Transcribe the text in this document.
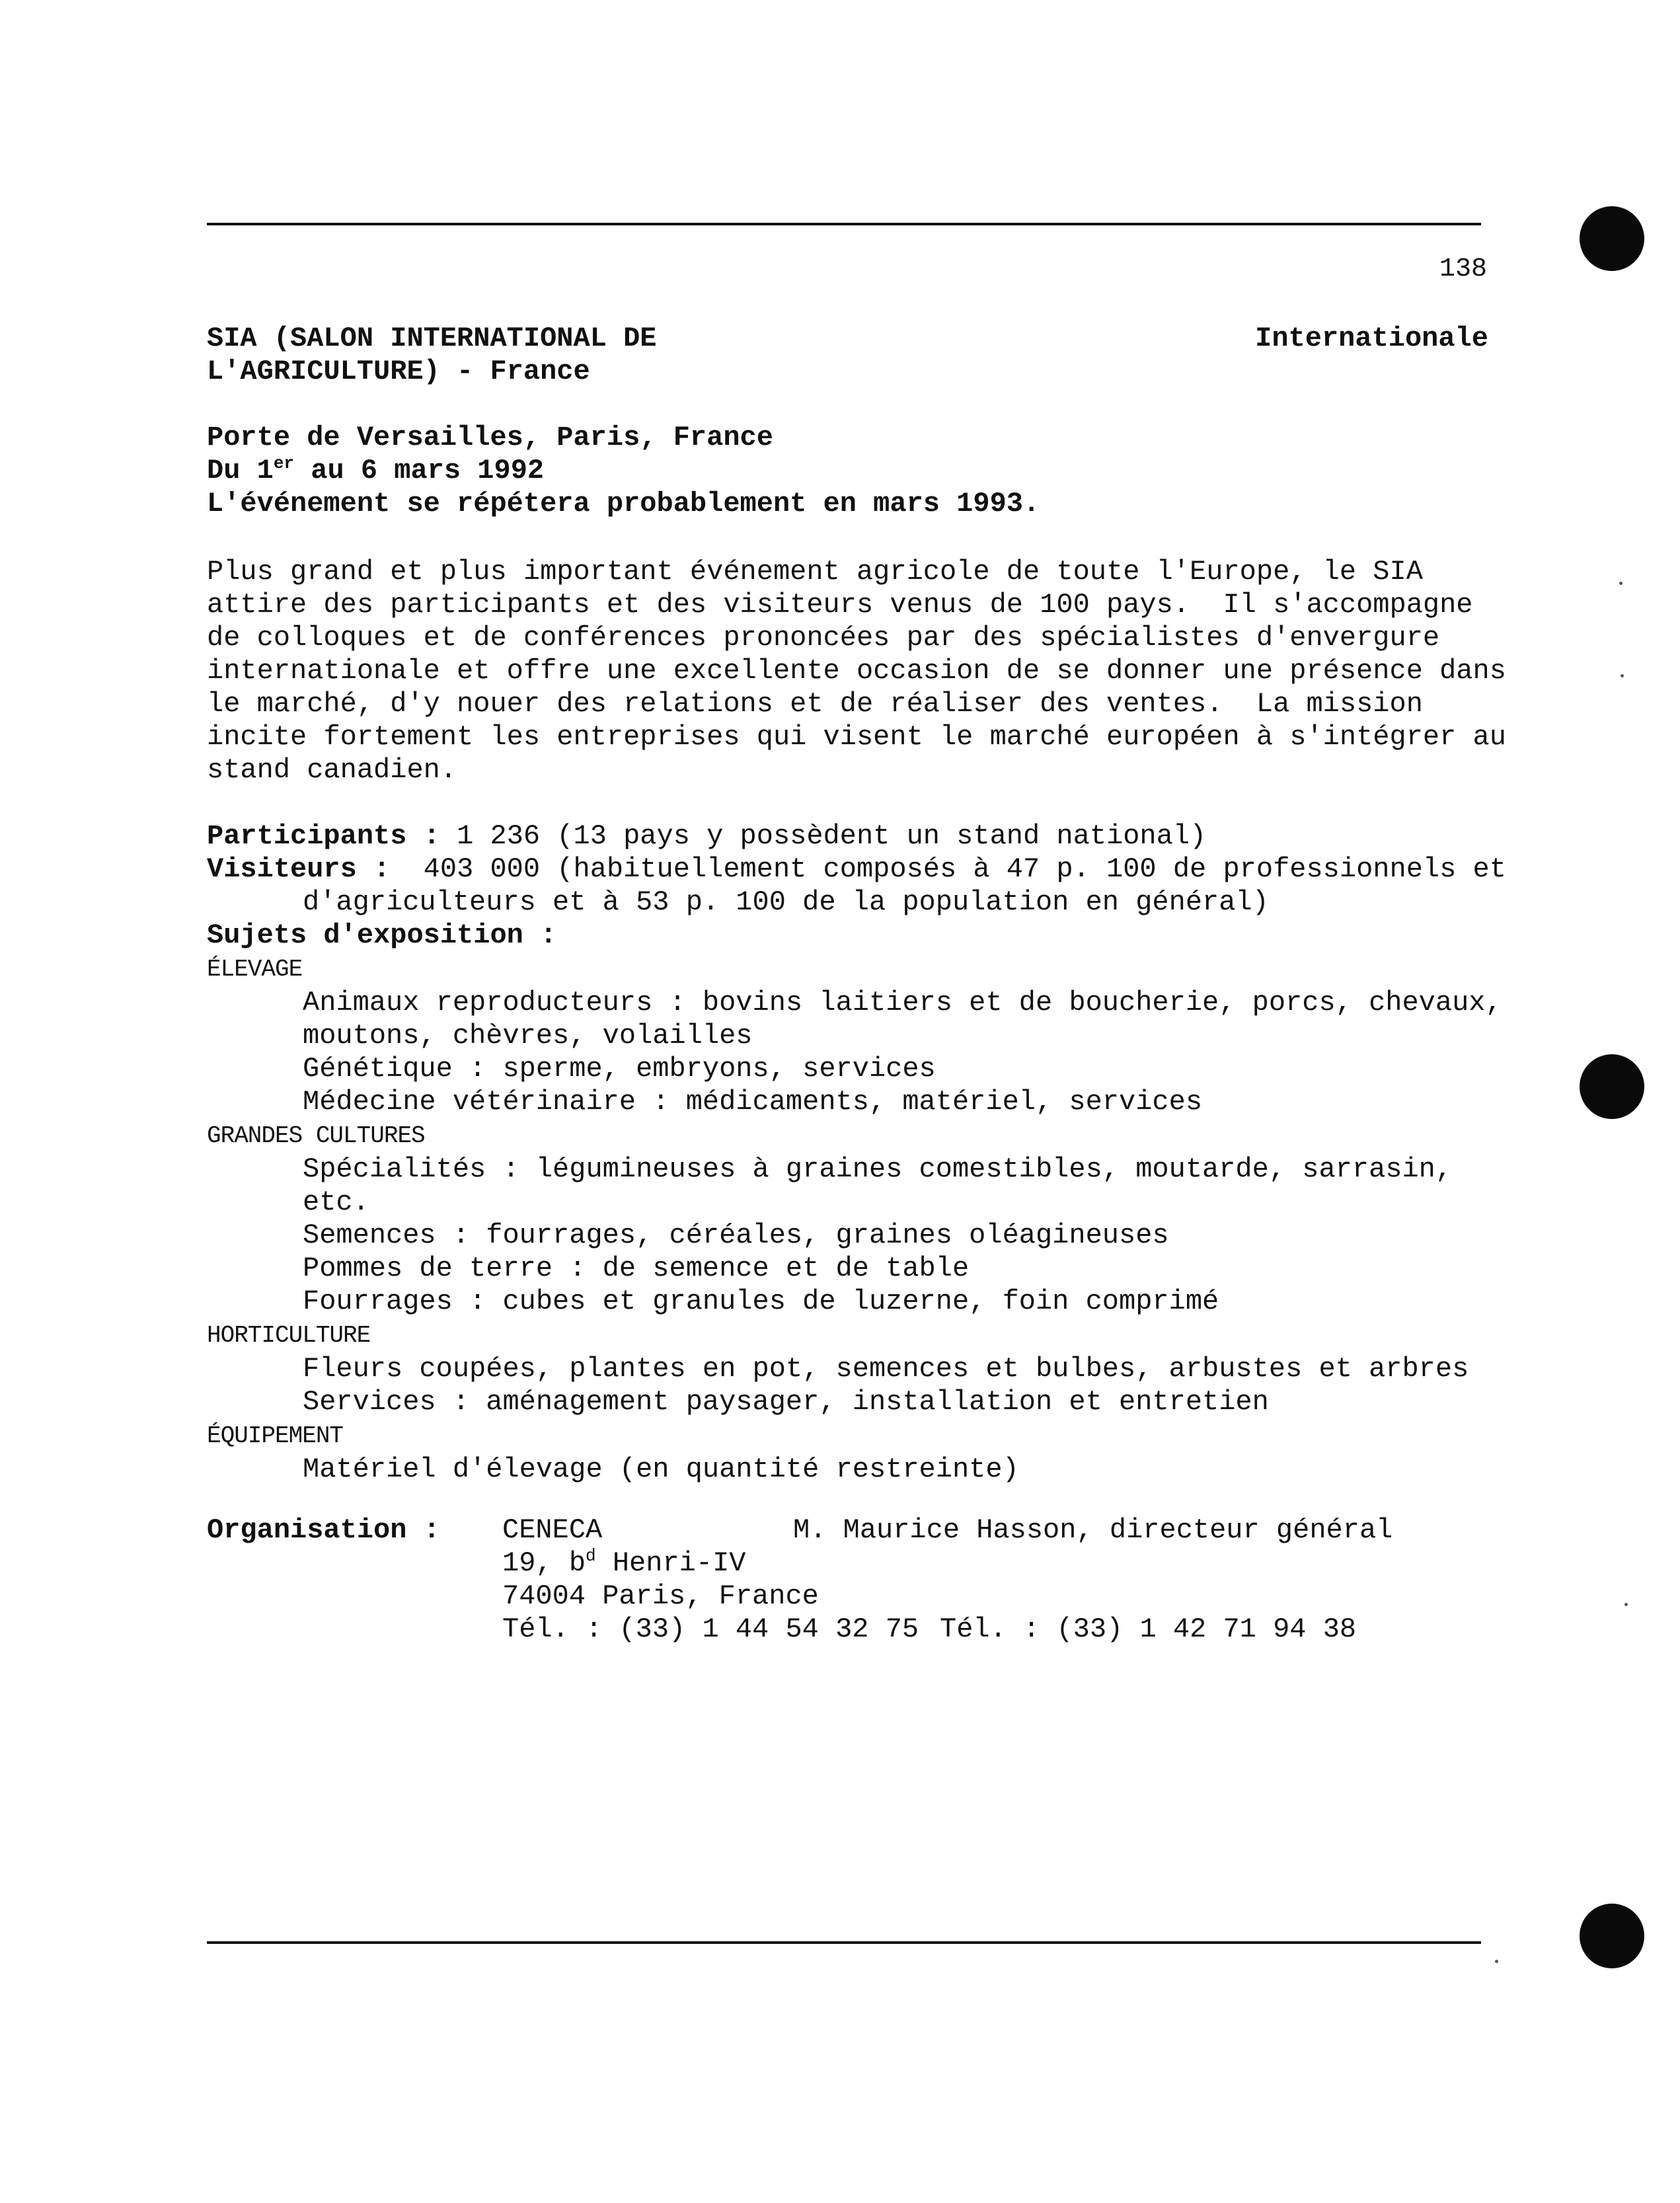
138
SIA (SALON INTERNATIONAL DE
L'AGRICULTURE) - France
Internationale
Porte de Versailles, Paris, France
Du 1er au 6 mars 1992
L'événement se répétera probablement en mars 1993.
Plus grand et plus important événement agricole de toute l'Europe, le SIA
attire des participants et des visiteurs venus de 100 pays.  Il s'accompagne
de colloques et de conférences prononcées par des spécialistes d'envergure
internationale et offre une excellente occasion de se donner une présence dans
le marché, d'y nouer des relations et de réaliser des ventes.  La mission
incite fortement les entreprises qui visent le marché européen à s'intégrer au
stand canadien.
Participants : 1 236 (13 pays y possèdent un stand national)
Visiteurs :  403 000 (habituellement composés à 47 p. 100 de professionnels et

d'agriculteurs et à 53 p. 100 de la population en général)
Sujets d'exposition :
ÉLEVAGE

Animaux reproducteurs : bovins laitiers et de boucherie, porcs, chevaux,
moutons, chèvres, volailles
Génétique : sperme, embryons, services
Médecine vétérinaire : médicaments, matériel, services
GRANDES CULTURES

Spécialités : légumineuses à graines comestibles, moutarde, sarrasin,
etc.
Semences : fourrages, céréales, graines oléagineuses
Pommes de terre : de semence et de table
Fourrages : cubes et granules de luzerne, foin comprimé
HORTICULTURE

Fleurs coupées, plantes en pot, semences et bulbes, arbustes et arbres
Services : aménagement paysager, installation et entretien
ÉQUIPEMENT

Matériel d'élevage (en quantité restreinte)
Organisation : CENECA
19, $b^d$ Henri-IV
74004 Paris, France
Tél. : (33) 1 44 54 32 75
M. Maurice Hasson, directeur général
Tél. : (33) 1 42 71 94 38
